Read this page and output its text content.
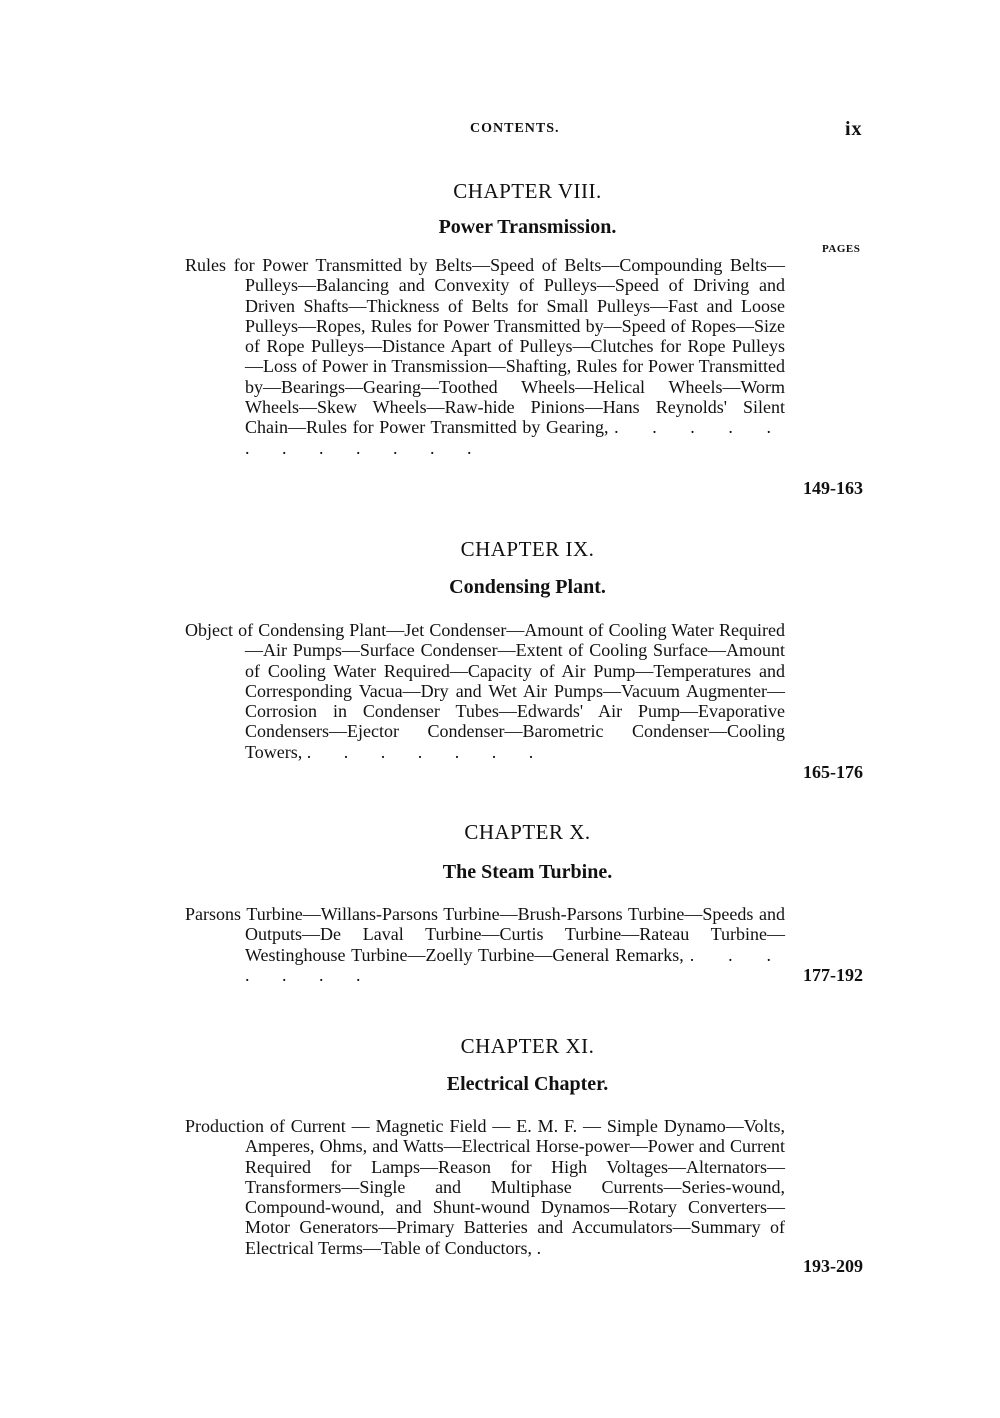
CONTENTS.	ix
CHAPTER VIII.
Power Transmission.
PAGES
Rules for Power Transmitted by Belts—Speed of Belts—Compounding Belts—Pulleys—Balancing and Convexity of Pulleys—Speed of Driving and Driven Shafts—Thickness of Belts for Small Pulleys—Fast and Loose Pulleys—Ropes, Rules for Power Transmitted by—Speed of Ropes—Size of Rope Pulleys—Distance Apart of Pulleys—Clutches for Rope Pulleys—Loss of Power in Transmission—Shafting, Rules for Power Transmitted by—Bearings—Gearing—Toothed Wheels—Helical Wheels—Worm Wheels—Skew Wheels—Raw-hide Pinions—Hans Reynolds' Silent Chain—Rules for Power Transmitted by Gearing, . . . . . . . . . . . .
149-163
CHAPTER IX.
Condensing Plant.
Object of Condensing Plant—Jet Condenser—Amount of Cooling Water Required—Air Pumps—Surface Condenser—Extent of Cooling Surface—Amount of Cooling Water Required—Capacity of Air Pump—Temperatures and Corresponding Vacua—Dry and Wet Air Pumps—Vacuum Augmenter—Corrosion in Condenser Tubes—Edwards' Air Pump—Evaporative Condensers—Ejector Condenser—Barometric Condenser—Cooling Towers, . . . . . . .
165-176
CHAPTER X.
The Steam Turbine.
Parsons Turbine—Willans-Parsons Turbine—Brush-Parsons Turbine—Speeds and Outputs—De Laval Turbine—Curtis Turbine—Rateau Turbine—Westinghouse Turbine—Zoelly Turbine—General Remarks, . . . . . . .	177-192
CHAPTER XI.
Electrical Chapter.
Production of Current — Magnetic Field — E. M. F. — Simple Dynamo—Volts, Amperes, Ohms, and Watts—Electrical Horse-power—Power and Current Required for Lamps—Reason for High Voltages—Alternators—Transformers—Single and Multiphase Currents—Series-wound, Compound-wound, and Shunt-wound Dynamos—Rotary Converters—Motor Generators—Primary Batteries and Accumulators—Summary of Electrical Terms—Table of Conductors, .
193-209
